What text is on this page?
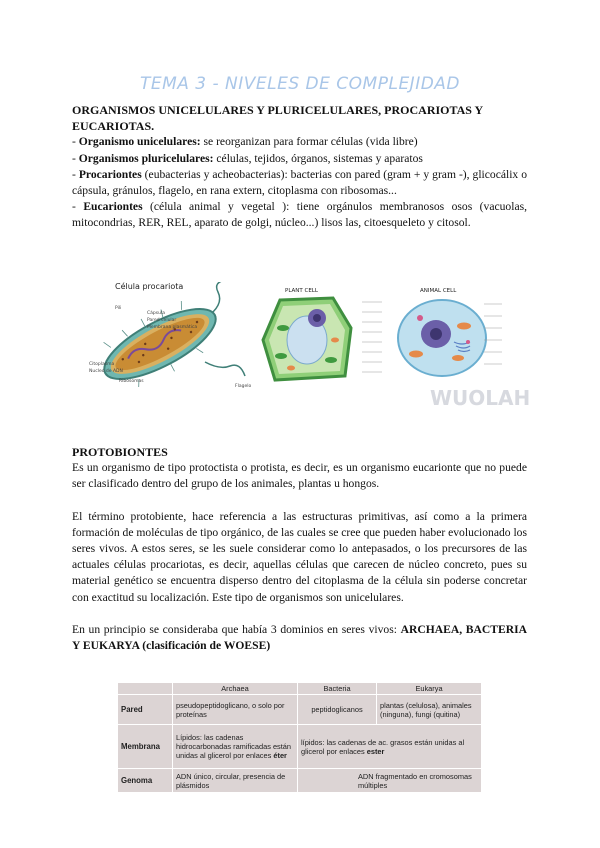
TEMA 3 - NIVELES DE COMPLEJIDAD

ORGANISMOS UNICELULARES Y PLURICELULARES, PROCARIOTAS Y EUCARIOTAS.

- Organismo unicelulares: se reorganizan para formar células (vida libre)

- Organismos pluricelulares: células, tejidos, órganos, sistemas y aparatos

- Procariontes (eubacterias y acheobacterias): bacterias con pared (gram + y gram -), glicocálix o cápsula, gránulos, flagelo, en rana extern, citoplasma con ribosomas...

- Eucariontes (célula animal y vegetal ): tiene orgánulos membranosos osos (vacuolas, mitocondrias, RER, REL, aparato de golgi, núcleo...) lisos las, citoesqueleto y citosol.

Célula procariota
Pili
Cápsula
Pared celular
Membrana plasmática
Citoplasma
Nucleo de ADN
Ribosomas
Flagelo
PLANT CELL	ANIMAL CELL
WUOLAH

PROTOBIONTES

Es un organismo de tipo protoctista o protista, es decir, es un organismo eucarionte que no puede ser clasificado dentro del grupo de los animales, plantas u hongos.

El término protobiente, hace referencia a las estructuras primitivas, así como a la primera formación de moléculas de tipo orgánico, de las cuales se cree que pueden haber evolucionado los seres vivos. A estos seres, se les suele considerar como lo antepasados, o los precursores de las actuales células procariotas, es decir, aquellas células que carecen de núcleo concreto, pues su material genético se encuentra disperso dentro del citoplasma de la célula sin poderse concretar con exactitud su localización. Este tipo de organismos son unicelulares.

En un principio se consideraba que había 3 dominios en seres vivos: ARCHAEA, BACTERIA Y EUKARYA (clasificación de WOESE)

	Archaea	Bacteria	Eukarya
Pared	pseudopeptidoglicano, o solo por proteínas	peptidoglicanos	plantas (celulosa), animales (ninguna), fungi (quitina)
Membrana	Lípidos: las cadenas hidrocarbonadas ramificadas están unidas al glicerol por enlaces éter	lípidos: las cadenas de ac. grasos están unidas al glicerol por enlaces ester	
Genoma	ADN único, circular, presencia de plásmidos	ADN fragmentado en cromosomas múltiples	
